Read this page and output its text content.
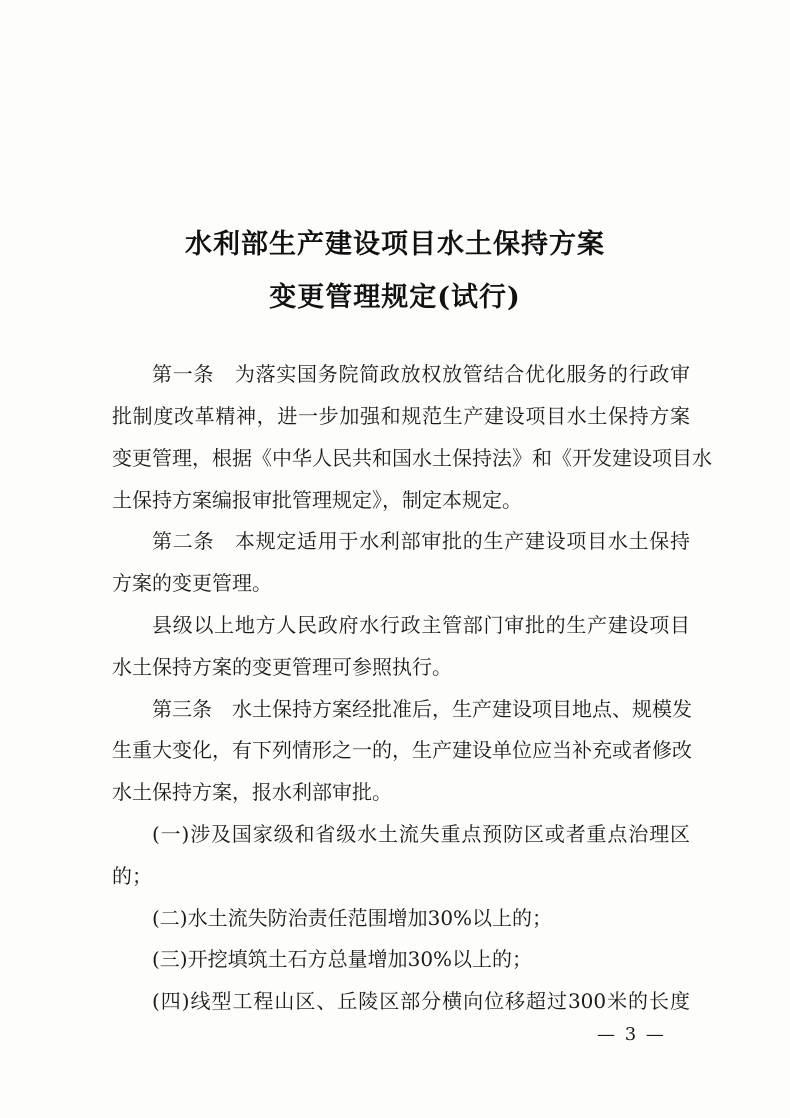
水利部生产建设项目水土保持方案
变更管理规定(试行)
第一条　为落实国务院简政放权放管结合优化服务的行政审
批制度改革精神，进一步加强和规范生产建设项目水土保持方案
变更管理，根据《中华人民共和国水土保持法》和《开发建设项目水
土保持方案编报审批管理规定》，制定本规定。
第二条　本规定适用于水利部审批的生产建设项目水土保持
方案的变更管理。
县级以上地方人民政府水行政主管部门审批的生产建设项目
水土保持方案的变更管理可参照执行。
第三条　水土保持方案经批准后，生产建设项目地点、规模发
生重大变化，有下列情形之一的，生产建设单位应当补充或者修改
水土保持方案，报水利部审批。
(一)涉及国家级和省级水土流失重点预防区或者重点治理区
的；
(二)水土流失防治责任范围增加30%以上的；
(三)开挖填筑土石方总量增加30%以上的；
(四)线型工程山区、丘陵区部分横向位移超过300米的长度
— 3 —
